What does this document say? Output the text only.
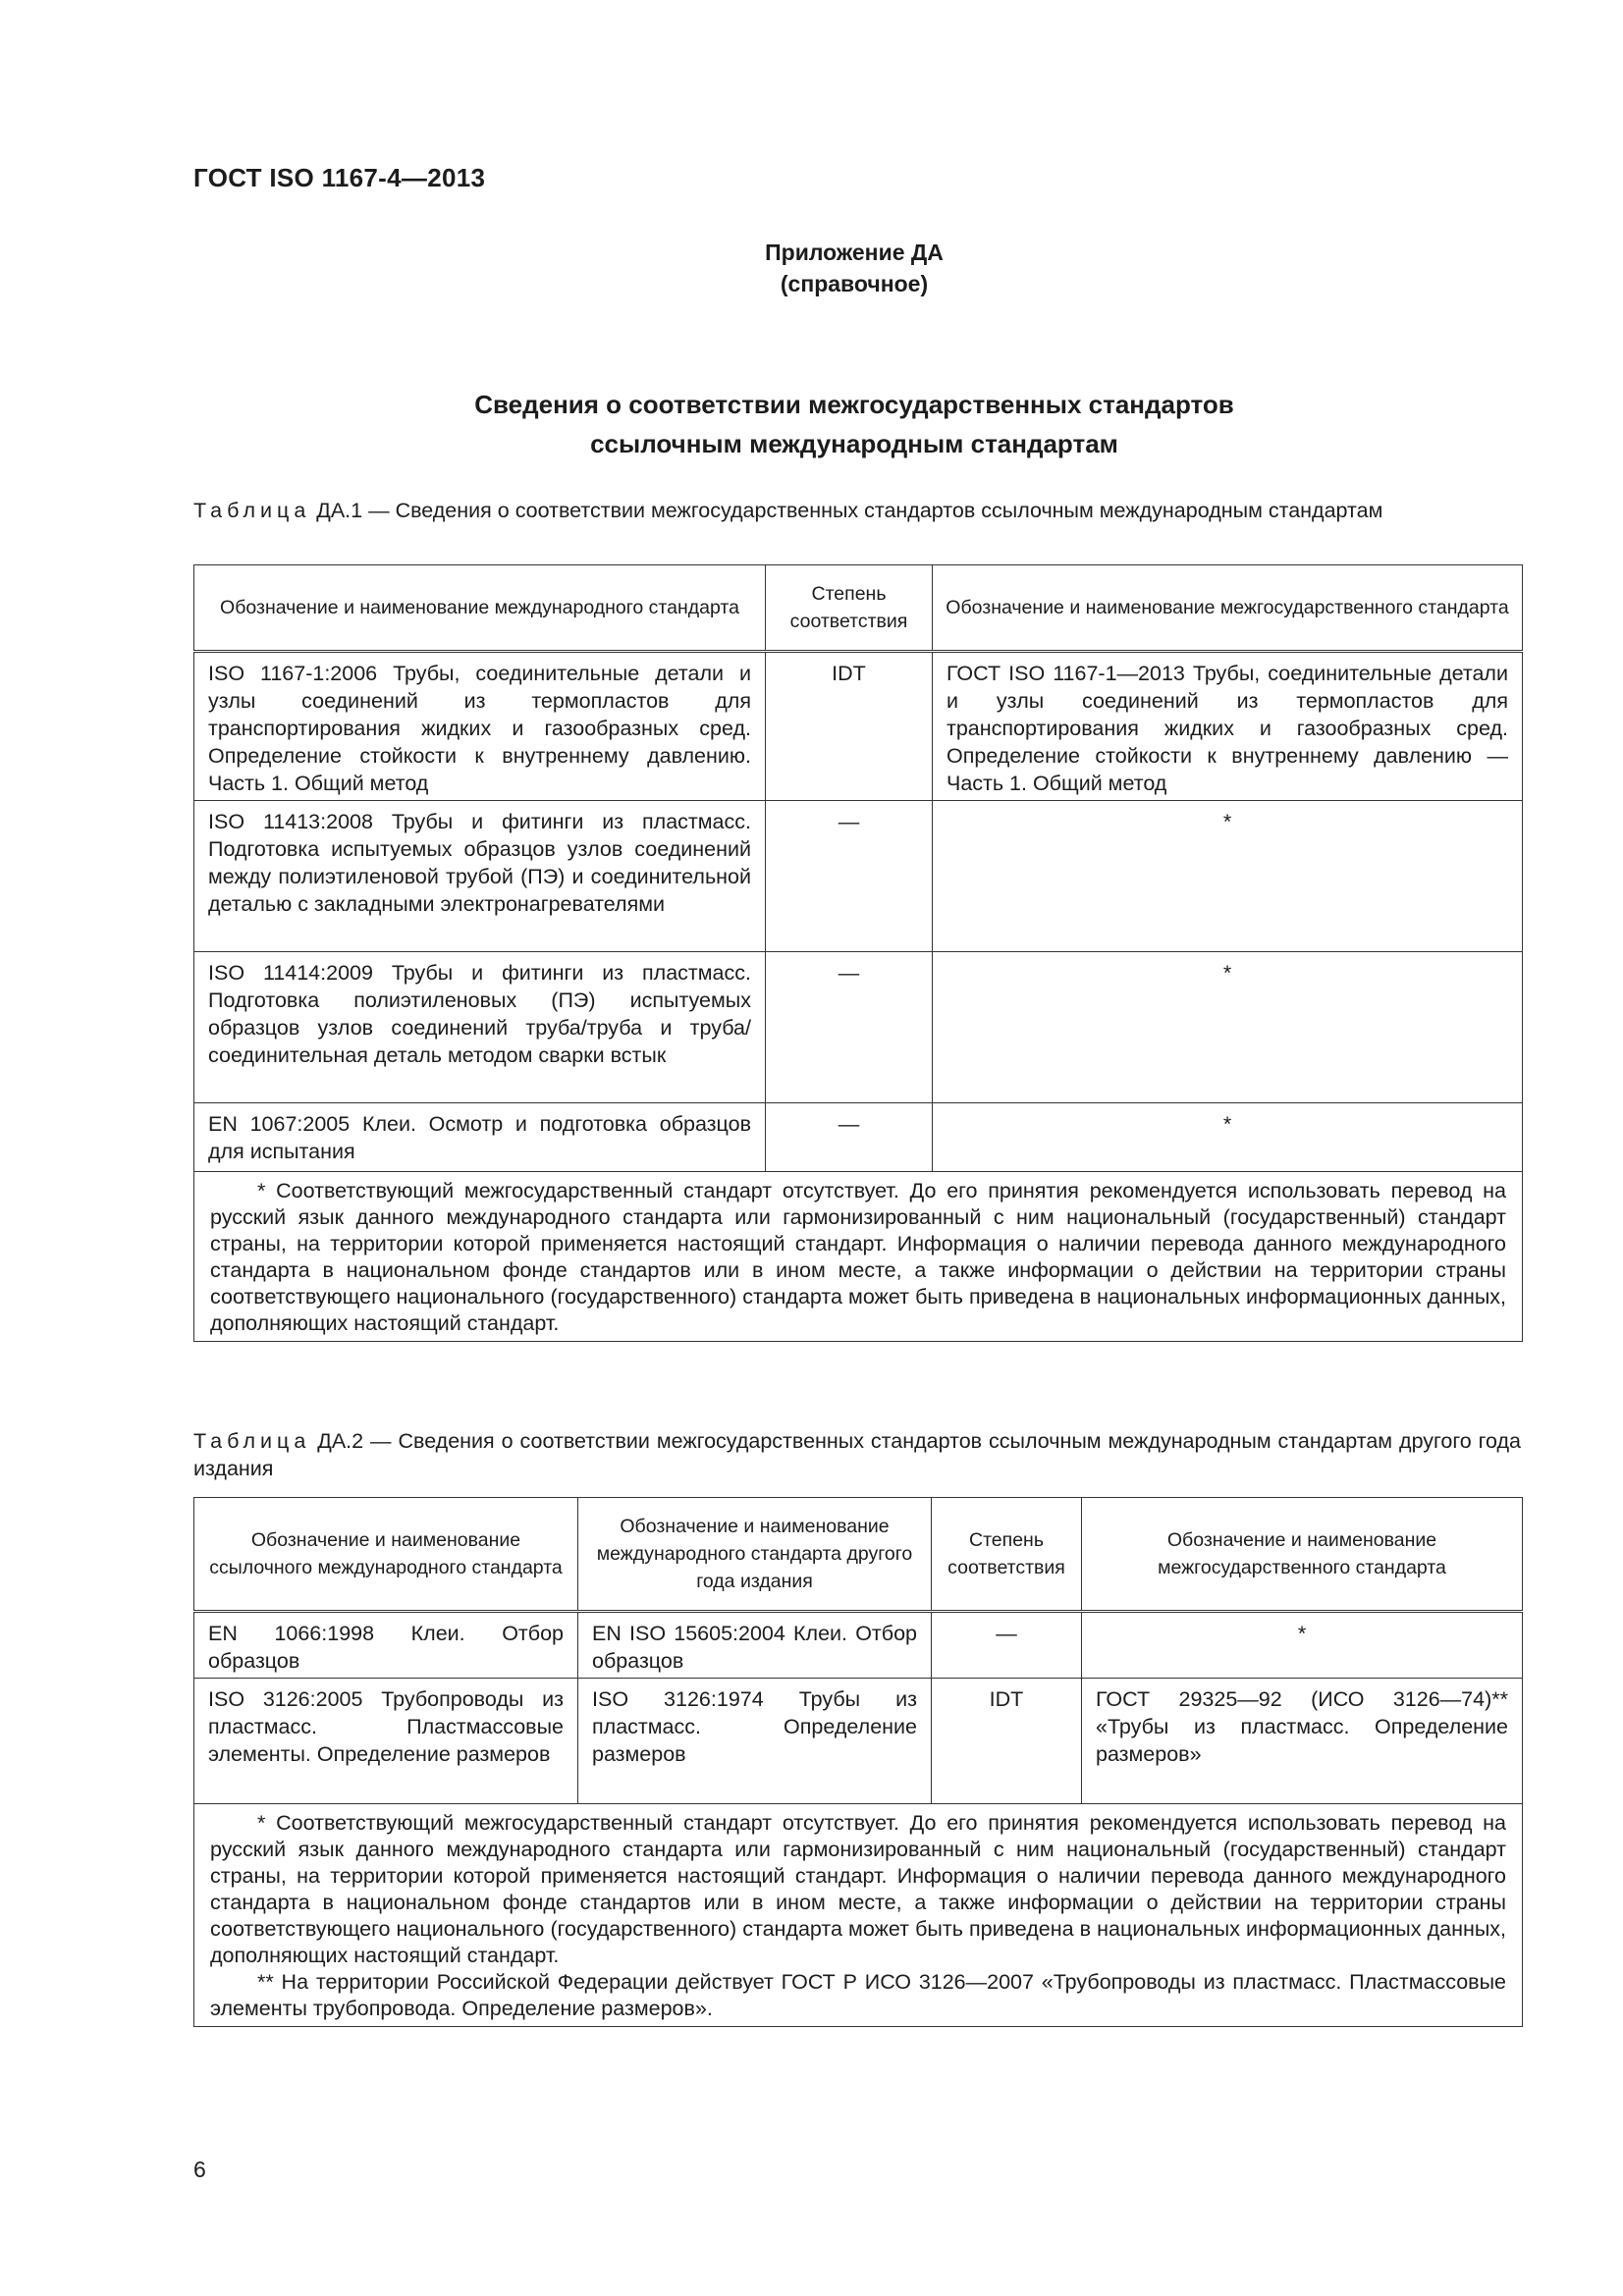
ГОСТ ISO 1167-4—2013
Приложение ДА
(справочное)
Сведения о соответствии межгосударственных стандартов
ссылочным международным стандартам
Таблица ДА.1 — Сведения о соответствии межгосударственных стандартов ссылочным международным стандартам
Обозначение и наименование международного стандарта	Степень соответствия	Обозначение и наименование межгосударственного стандарта
ISO 1167-1:2006 Трубы, соединительные детали и узлы соединений из термопластов для транспортирования жидких и газообразных сред. Определение стойкости к внутреннему давлению. Часть 1. Общий метод	IDT	ГОСТ ISO 1167-1—2013 Трубы, соединительные детали и узлы соединений из термопластов для транспортирования жидких и газообразных сред. Определение стойкости к внутреннему давлению — Часть 1. Общий метод
ISO 11413:2008 Трубы и фитинги из пластмасс. Подготовка испытуемых образцов узлов соединений между полиэтиленовой трубой (ПЭ) и соединительной деталью с закладными электронагревателями	—	*
ISO 11414:2009 Трубы и фитинги из пластмасс. Подготовка полиэтиленовых (ПЭ) испытуемых образцов узлов соединений труба/труба и труба/соединительная деталь методом сварки встык	—	*
EN 1067:2005 Клеи. Осмотр и подготовка образцов для испытания	—	*

* Соответствующий межгосударственный стандарт отсутствует. До его принятия рекомендуется использовать перевод на русский язык данного международного стандарта или гармонизированный с ним национальный (государственный) стандарт страны, на территории которой применяется настоящий стандарт. Информация о наличии перевода данного международного стандарта в национальном фонде стандартов или в ином месте, а также информации о действии на территории страны соответствующего национального (государственного) стандарта может быть приведена в национальных информационных данных, дополняющих настоящий стандарт.		

Таблица ДА.2 — Сведения о соответствии межгосударственных стандартов ссылочным международным стандартам другого года издания
Обозначение и наименование ссылочного международного стандарта	Обозначение и наименование международного стандарта другого года издания	Степень соответствия	Обозначение и наименование межгосударственного стандарта
EN 1066:1998 Клеи. Отбор образцов	EN ISO 15605:2004 Клеи. Отбор образцов	—	*
ISO 3126:2005 Трубопроводы из пластмасс. Пластмассовые элементы. Определение размеров	ISO 3126:1974 Трубы из пластмасс. Определение размеров	IDT	ГОСТ 29325—92 (ИСО 3126—74)** «Трубы из пластмасс. Определение размеров»

* Соответствующий межгосударственный стандарт отсутствует. До его принятия рекомендуется использовать перевод на русский язык данного международного стандарта или гармонизированный с ним национальный (государственный) стандарт страны, на территории которой применяется настоящий стандарт. Информация о наличии перевода данного международного стандарта в национальном фонде стандартов или в ином месте, а также информации о действии на территории страны соответствующего национального (государственного) стандарта может быть приведена в национальных информационных данных, дополняющих настоящий стандарт.

** На территории Российской Федерации действует ГОСТ Р ИСО 3126—2007 «Трубопроводы из пластмасс. Пластмассовые элементы трубопровода. Определение размеров».			

6
